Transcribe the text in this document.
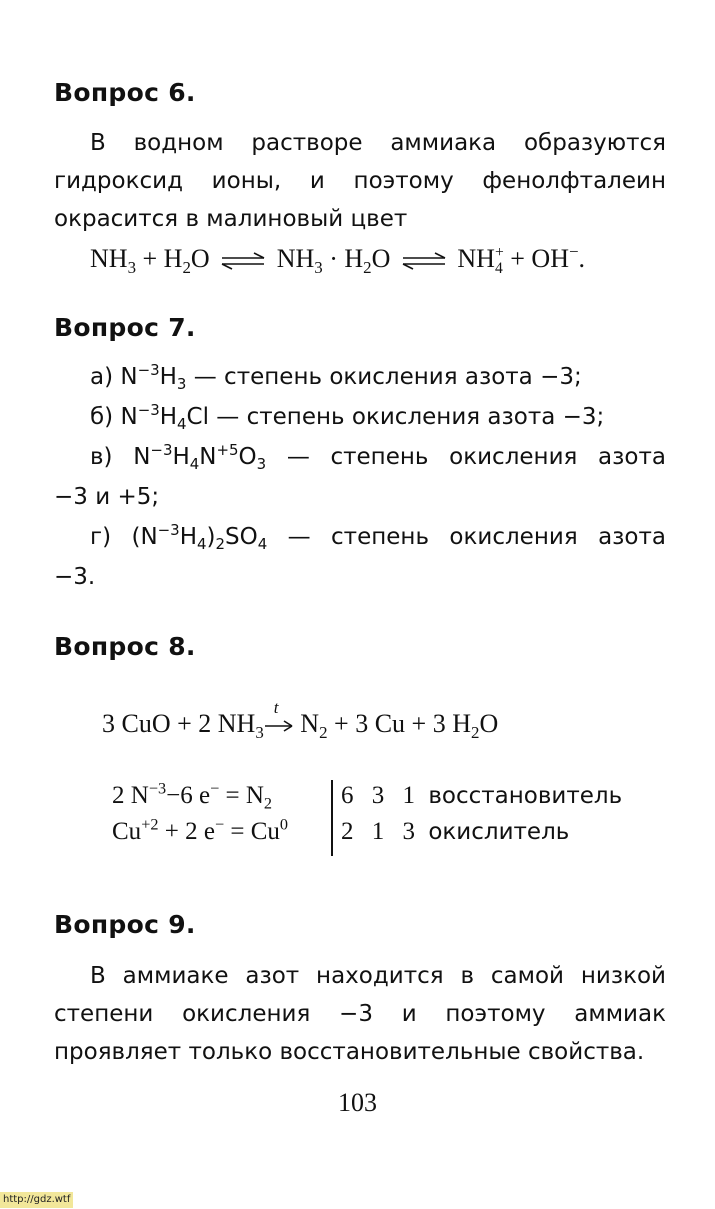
Вопрос 6.
В водном растворе аммиака образуются гидроксид ионы, и поэтому фенолфталеин окрасится в малиновый цвет
$NH_3 + H_2O$ ⇌ $NH_3 \cdot H_2O$ ⇌ NH +
4 + OH−.
Вопрос 7.
а) $N^{-3}H_3$ — степень окисления азота −3;
б) $N^{-3}H_4Cl$ — степень окисления азота −3;
в) $N^{-3}H_4N^{+5}O_3$ — степень окисления азота
−3 и +5;
г) $(N^{-3}H_4)_2SO_4$ — степень окисления азота
−3.
Вопрос 8.
3 CuO + 2 $NH_3$
t
$N_2 + 3$ Cu + 3 $H_2O$
2 $N^{-3}-6$ $e^- = N_2$
$Cu^{+2} + 2$ $e^- = Cu^0$
6 3 1 восстановитель
2 1 3 окислитель
Вопрос 9.
В аммиаке азот находится в самой низкой степени окисления −3 и поэтому аммиак проявляет только восстановительные свойства.
103
http://gdz.wtf
